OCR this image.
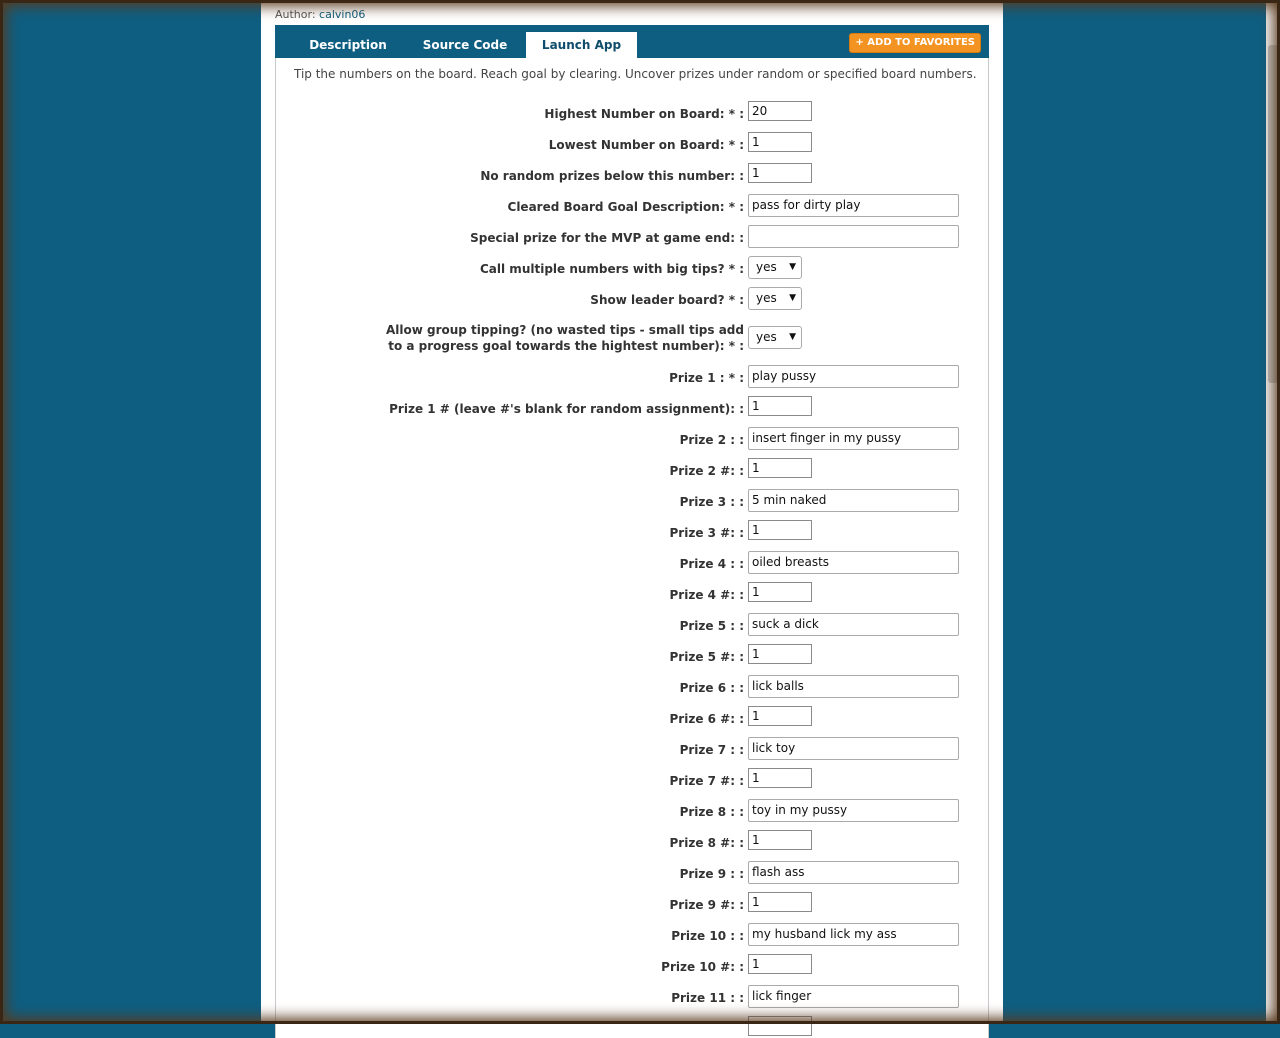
Author: calvin06
Description	Source Code	Launch App	+ ADD TO FAVORITES
Tip the numbers on the board. Reach goal by clearing. Uncover prizes under random or specified board numbers.
Highest Number on Board: * : 20
Lowest Number on Board: * : 1
No random prizes below this number: : 1
Cleared Board Goal Description: * : pass for dirty play
Special prize for the MVP at game end: :
Call multiple numbers with big tips? * :	yes ▼
Show leader board? * :	yes ▼
Allow group tipping? (no wasted tips - small tips add to a progress goal towards the hightest number): * :
yes ▼
Prize 1 : * : play pussy
Prize 1 # (leave #'s blank for random assignment): : 1
Prize 2 : : insert finger in my pussy
Prize 2 #: : 1
Prize 3 : : 5 min naked
Prize 3 #: : 1
Prize 4 : : oiled breasts
Prize 4 #: : 1
Prize 5 : : suck a dick
Prize 5 #: : 1
Prize 6 : : lick balls
Prize 6 #: : 1
Prize 7 : : lick toy
Prize 7 #: : 1
Prize 8 : : toy in my pussy
Prize 8 #: : 1
Prize 9 : : flash ass
Prize 9 #: : 1
Prize 10 : : my husband lick my ass
Prize 10 #: : 1
Prize 11 : : lick finger
